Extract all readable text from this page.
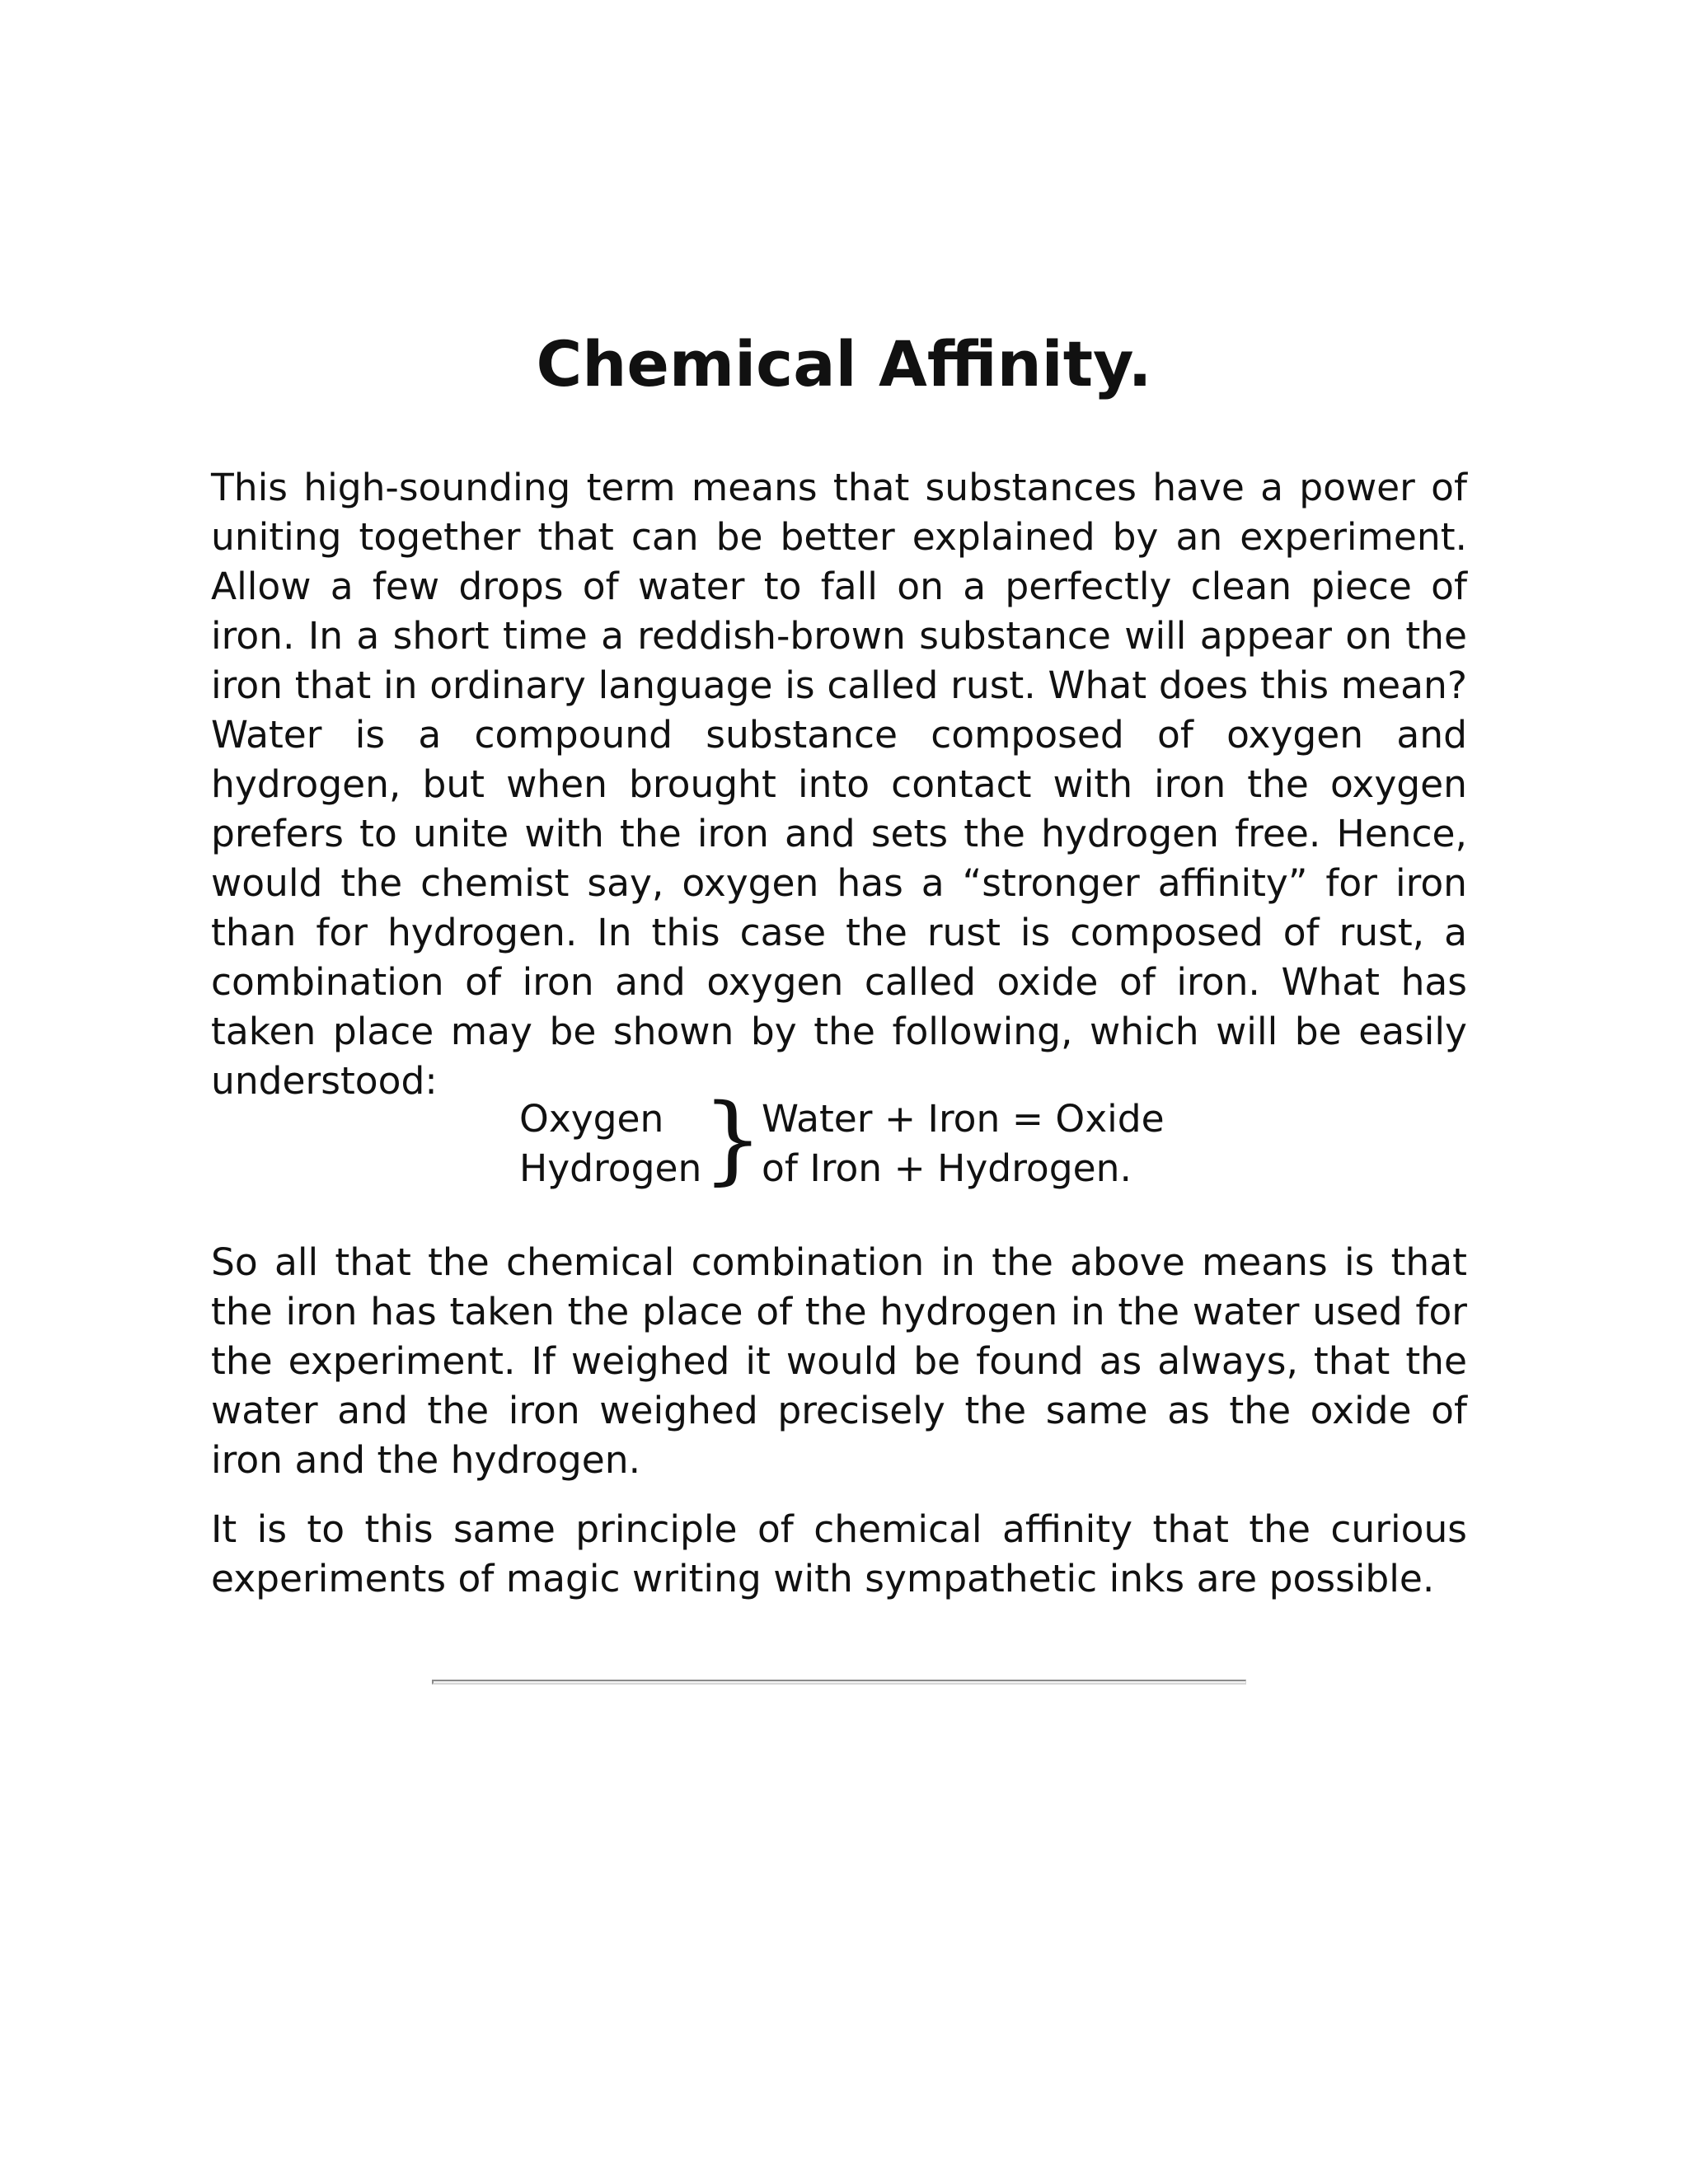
Chemical Affinity.

This high-sounding term means that substances have a power of uniting together that can be better explained by an experiment. Allow a few drops of water to fall on a perfectly clean piece of iron. In a short time a reddish-brown substance will appear on the iron that in ordinary language is called rust. What does this mean? Water is a compound substance composed of oxygen and hydrogen, but when brought into contact with iron the oxygen prefers to unite with the iron and sets the hydrogen free. Hence, would the chemist say, oxygen has a “stronger affinity” for iron than for hydrogen. In this case the rust is composed of rust, a combination of iron and oxygen called oxide of iron. What has taken place may be shown by the following, which will be easily understood:

Oxygen
Hydrogen }
Water + Iron = Oxide
of Iron + Hydrogen.

So all that the chemical combination in the above means is that the iron has taken the place of the hydrogen in the water used for the experiment. If weighed it would be found as always, that the water and the iron weighed precisely the same as the oxide of iron and the hydrogen.

It is to this same principle of chemical affinity that the curious experiments of magic writing with sympathetic inks are possible.
